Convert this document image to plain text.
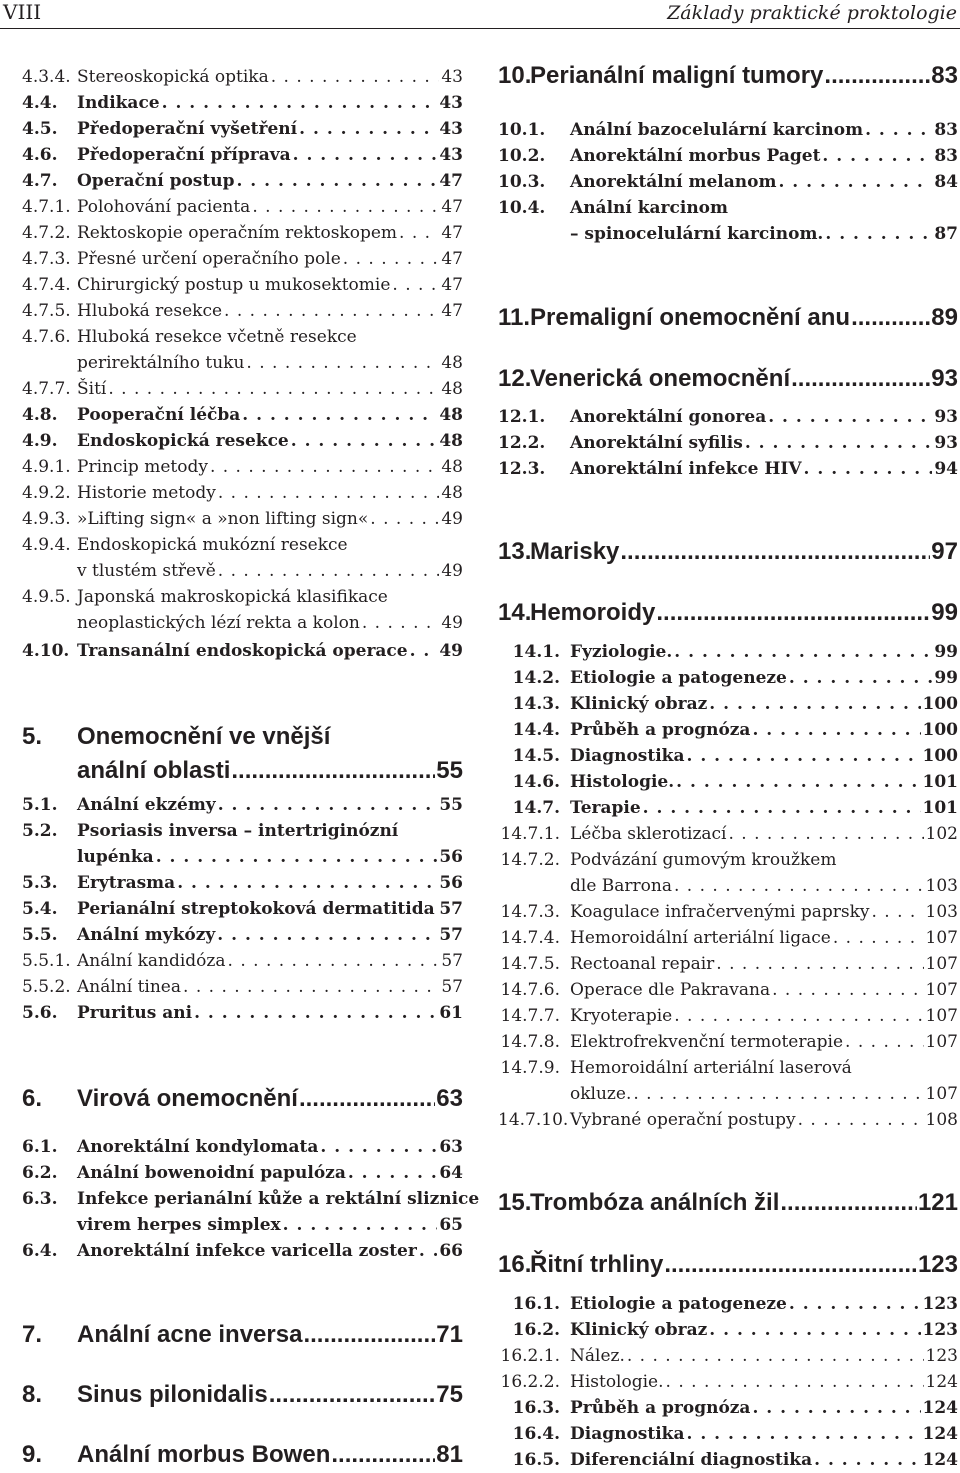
VIII	Základy praktické proktologie
4.3.4. Stereoskopická optika . . .	43
4.4. Indikace . . .	43
4.5. Předoperační vyšetření . . .	43
4.6. Předoperační příprava . . .	43
4.7. Operační postup . . .	47
4.7.1. Polohování pacienta . . .	47
4.7.2. Rektoskopie operačním rektoskopem . . .	47
4.7.3. Přesné určení operačního pole . . .	47
4.7.4. Chirurgický postup u mukosektomie . . .	47
4.7.5. Hluboká resekce . . .	47
4.7.6. Hluboká resekce včetně resekce
perirektálního tuku . . .	48
4.7.7. Šití . . .	48
4.8. Pooperační léčba . . .	48
4.9. Endoskopická resekce . . .	48
4.9.1. Princip metody . . .	48
4.9.2. Historie metody . . .	48
4.9.3. »Lifting sign« a »non lifting sign« . . .	49
4.9.4. Endoskopická mukózní resekce
v tlustém střevě . . .	49
4.9.5. Japonská makroskopická klasifikace
neoplastických lézí rekta a kolon . . .	49
4.10. Transanální endoskopická operace . . . 49
5. Onemocnění ve vnější
anální oblasti .....	55
5.1. Anální ekzémy . . .	55
5.2. Psoriasis inversa – intertriginózní
lupénka . . .	56
5.3. Erytrasma . . .	56
5.4. Perianální streptokoková dermatitida . . . 57
5.5. Anální mykózy . . .	57
5.5.1. Anální kandidóza . . .	57
5.5.2. Anální tinea . . .	57
5.6. Pruritus ani . . .	61
6. Virová onemocnění .....	63
6.1. Anorektální kondylomata . . .	63
6.2. Anální bowenoidní papulóza . . .	64
6.3. Infekce perianální kůže a rektální sliznice
virem herpes simplex . . .	65
6.4. Anorektální infekce varicella zoster . . . 66
7. Anální acne inversa .....	71
8. Sinus pilonidalis .....	75
9. Anální morbus Bowen .....	81
10.
Perianální maligní tumory .....	83
10.1. Anální bazocelulární karcinom . . .	83
10.2. Anorektální morbus Paget . . .	83
10.3. Anorektální melanom . . .	84
10.4. Anální karcinom
– spinocelulární karcinom. . . .	87
11. Premaligní onemocnění anu .....	89
12.
Venerická onemocnění .....	93
12.1. Anorektální gonorea . . .	93
12.2. Anorektální syfilis . . .	93
12.3. Anorektální infekce HIV . . .	94
13.
Marisky .....	97
14.
Hemoroidy .....	99
14.1. Fyziologie. . . .	99
14.2. Etiologie a patogeneze . . .	99
14.3. Klinický obraz . . .	100
14.4. Průběh a prognóza . . .	100
14.5. Diagnostika . . .	100
14.6. Histologie. . . .	101
14.7. Terapie . . .	101
14.7.1. Léčba sklerotizací . . .	102
14.7.2. Podvázání gumovým kroužkem
dle Barrona . . .	103
14.7.3. Koagulace infračervenými paprsky . . .	103
14.7.4. Hemoroidální arteriální ligace . . .	107
14.7.5. Rectoanal repair . . .	107
14.7.6. Operace dle Pakravana . . .	107
14.7.7. Kryoterapie . . .	107
14.7.8. Elektrofrekvenční termoterapie . . .	107
14.7.9. Hemoroidální arteriální laserová
okluze. . . .	107
14.7.10. Vybrané operační postupy . . .	108
15.
Trombóza análních žil .....	121
16.
Řitní trhliny .....	123
16.1. Etiologie a patogeneze . . .	123
16.2. Klinický obraz . . .	123
16.2.1. Nález. . . .	123
16.2.2. Histologie. . . .	124
16.3. Průběh a prognóza . . .	124
16.4. Diagnostika . . .	124
16.5. Diferenciální diagnostika . . .	124
